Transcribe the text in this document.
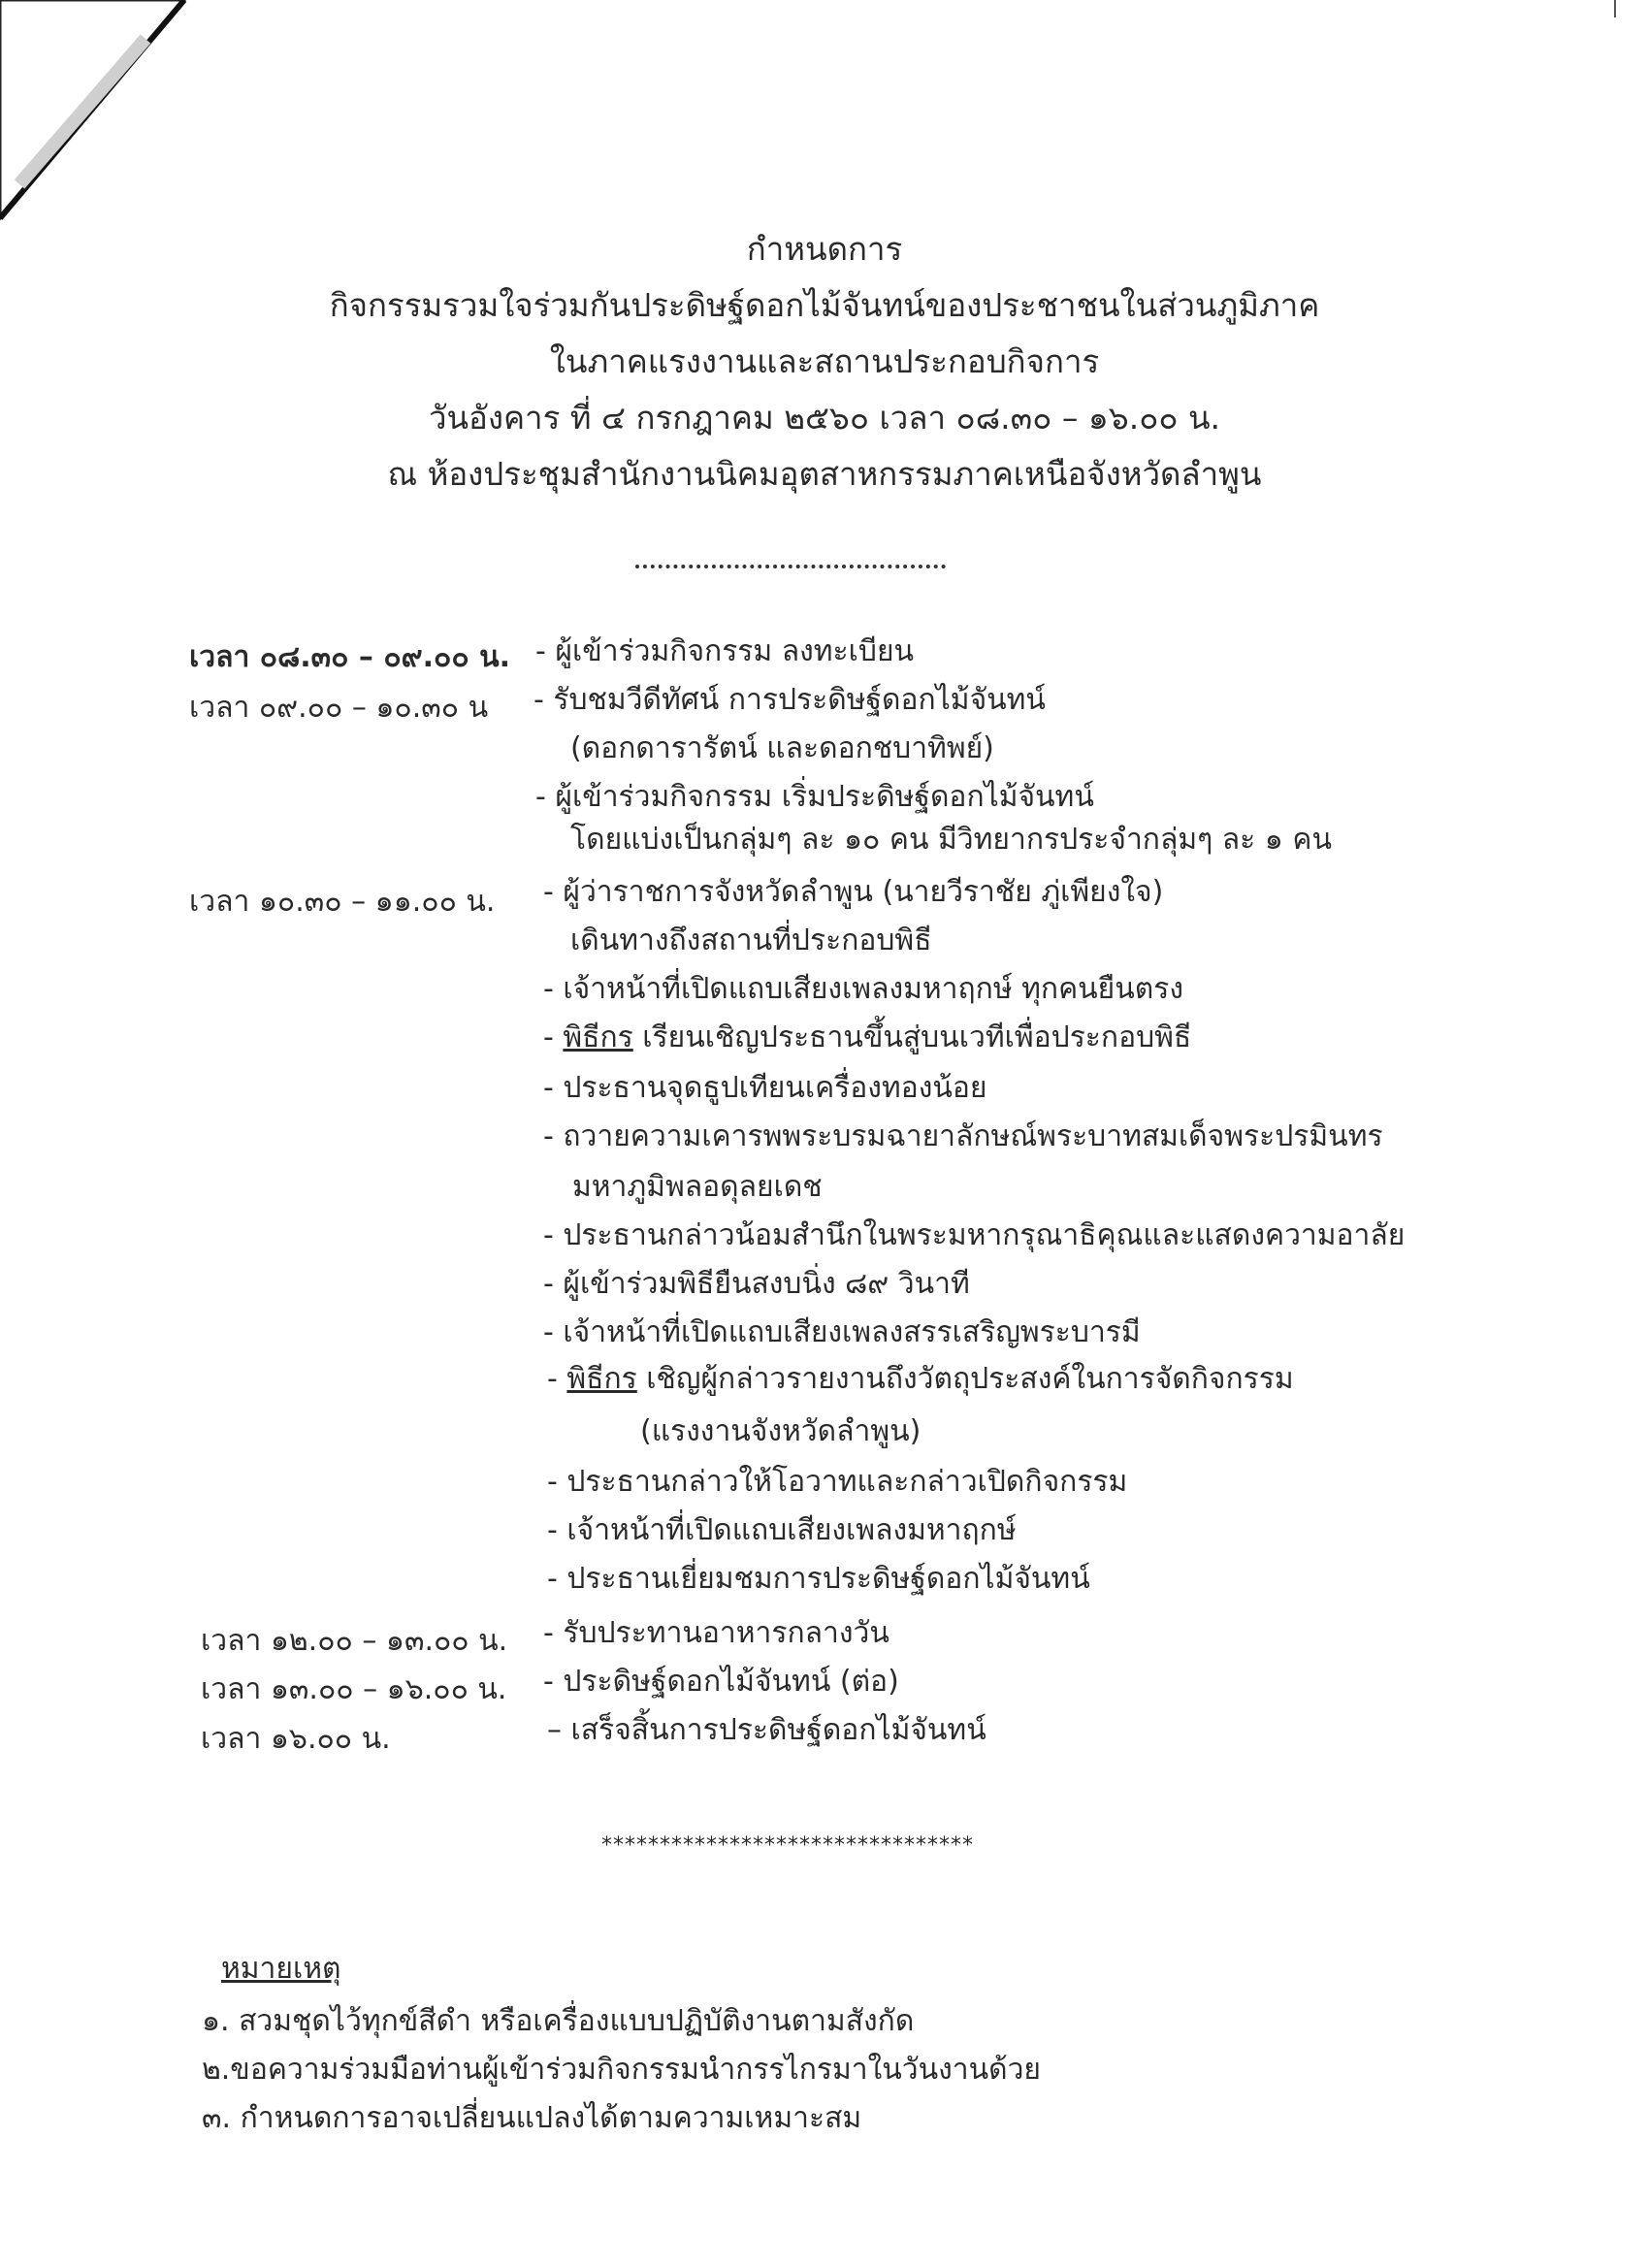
กำหนดการ
กิจกรรมรวมใจร่วมกันประดิษฐ์ดอกไม้จันทน์ของประชาชนในส่วนภูมิภาค
ในภาคแรงงานและสถานประกอบกิจการ
วันอังคาร ที่ ๔ กรกฎาคม ๒๕๖๐ เวลา ๐๘.๓๐ – ๑๖.๐๐ น.
ณ ห้องประชุมสำนักงานนิคมอุตสาหกรรมภาคเหนือจังหวัดลำพูน
เวลา ๐๘.๓๐ – ๐๙.๐๐ น.
เวลา ๐๙.๐๐ – ๑๐.๓๐ น
เวลา ๑๐.๓๐ – ๑๑.๐๐ น.
เวลา ๑๒.๐๐ – ๑๓.๐๐ น.
เวลา ๑๓.๐๐ – ๑๖.๐๐ น.
เวลา ๑๖.๐๐ น.
- ผู้เข้าร่วมกิจกรรม ลงทะเบียน
- รับชมวีดีทัศน์ การประดิษฐ์ดอกไม้จันทน์
(ดอกดารารัตน์ และดอกชบาทิพย์)
- ผู้เข้าร่วมกิจกรรม เริ่มประดิษฐ์ดอกไม้จันทน์
โดยแบ่งเป็นกลุ่มๆ ละ ๑๐ คน มีวิทยากรประจำกลุ่มๆ ละ ๑ คน
- ผู้ว่าราชการจังหวัดลำพูน (นายวีราชัย ภู่เพียงใจ)
เดินทางถึงสถานที่ประกอบพิธี
- เจ้าหน้าที่เปิดแถบเสียงเพลงมหาฤกษ์ ทุกคนยืนตรง
- พิธีกร เรียนเชิญประธานขึ้นสู่บนเวทีเพื่อประกอบพิธี
- ประธานจุดธูปเทียนเครื่องทองน้อย
- ถวายความเคารพพระบรมฉายาลักษณ์พระบาทสมเด็จพระปรมินทร
มหาภูมิพลอดุลยเดช
- ประธานกล่าวน้อมสำนึกในพระมหากรุณาธิคุณและแสดงความอาลัย
- ผู้เข้าร่วมพิธียืนสงบนิ่ง ๘๙ วินาที
- เจ้าหน้าที่เปิดแถบเสียงเพลงสรรเสริญพระบารมี
- พิธีกร เชิญผู้กล่าวรายงานถึงวัตถุประสงค์ในการจัดกิจกรรม
(แรงงานจังหวัดลำพูน)
- ประธานกล่าวให้โอวาทและกล่าวเปิดกิจกรรม
- เจ้าหน้าที่เปิดแถบเสียงเพลงมหาฤกษ์
- ประธานเยี่ยมชมการประดิษฐ์ดอกไม้จันทน์
- รับประทานอาหารกลางวัน
- ประดิษฐ์ดอกไม้จันทน์ (ต่อ)
– เสร็จสิ้นการประดิษฐ์ดอกไม้จันทน์
********************************
หมายเหตุ
๑. สวมชุดไว้ทุกข์สีดำ หรือเครื่องแบบปฏิบัติงานตามสังกัด
๒.ขอความร่วมมือท่านผู้เข้าร่วมกิจกรรมนำกรรไกรมาในวันงานด้วย
๓. กำหนดการอาจเปลี่ยนแปลงได้ตามความเหมาะสม
